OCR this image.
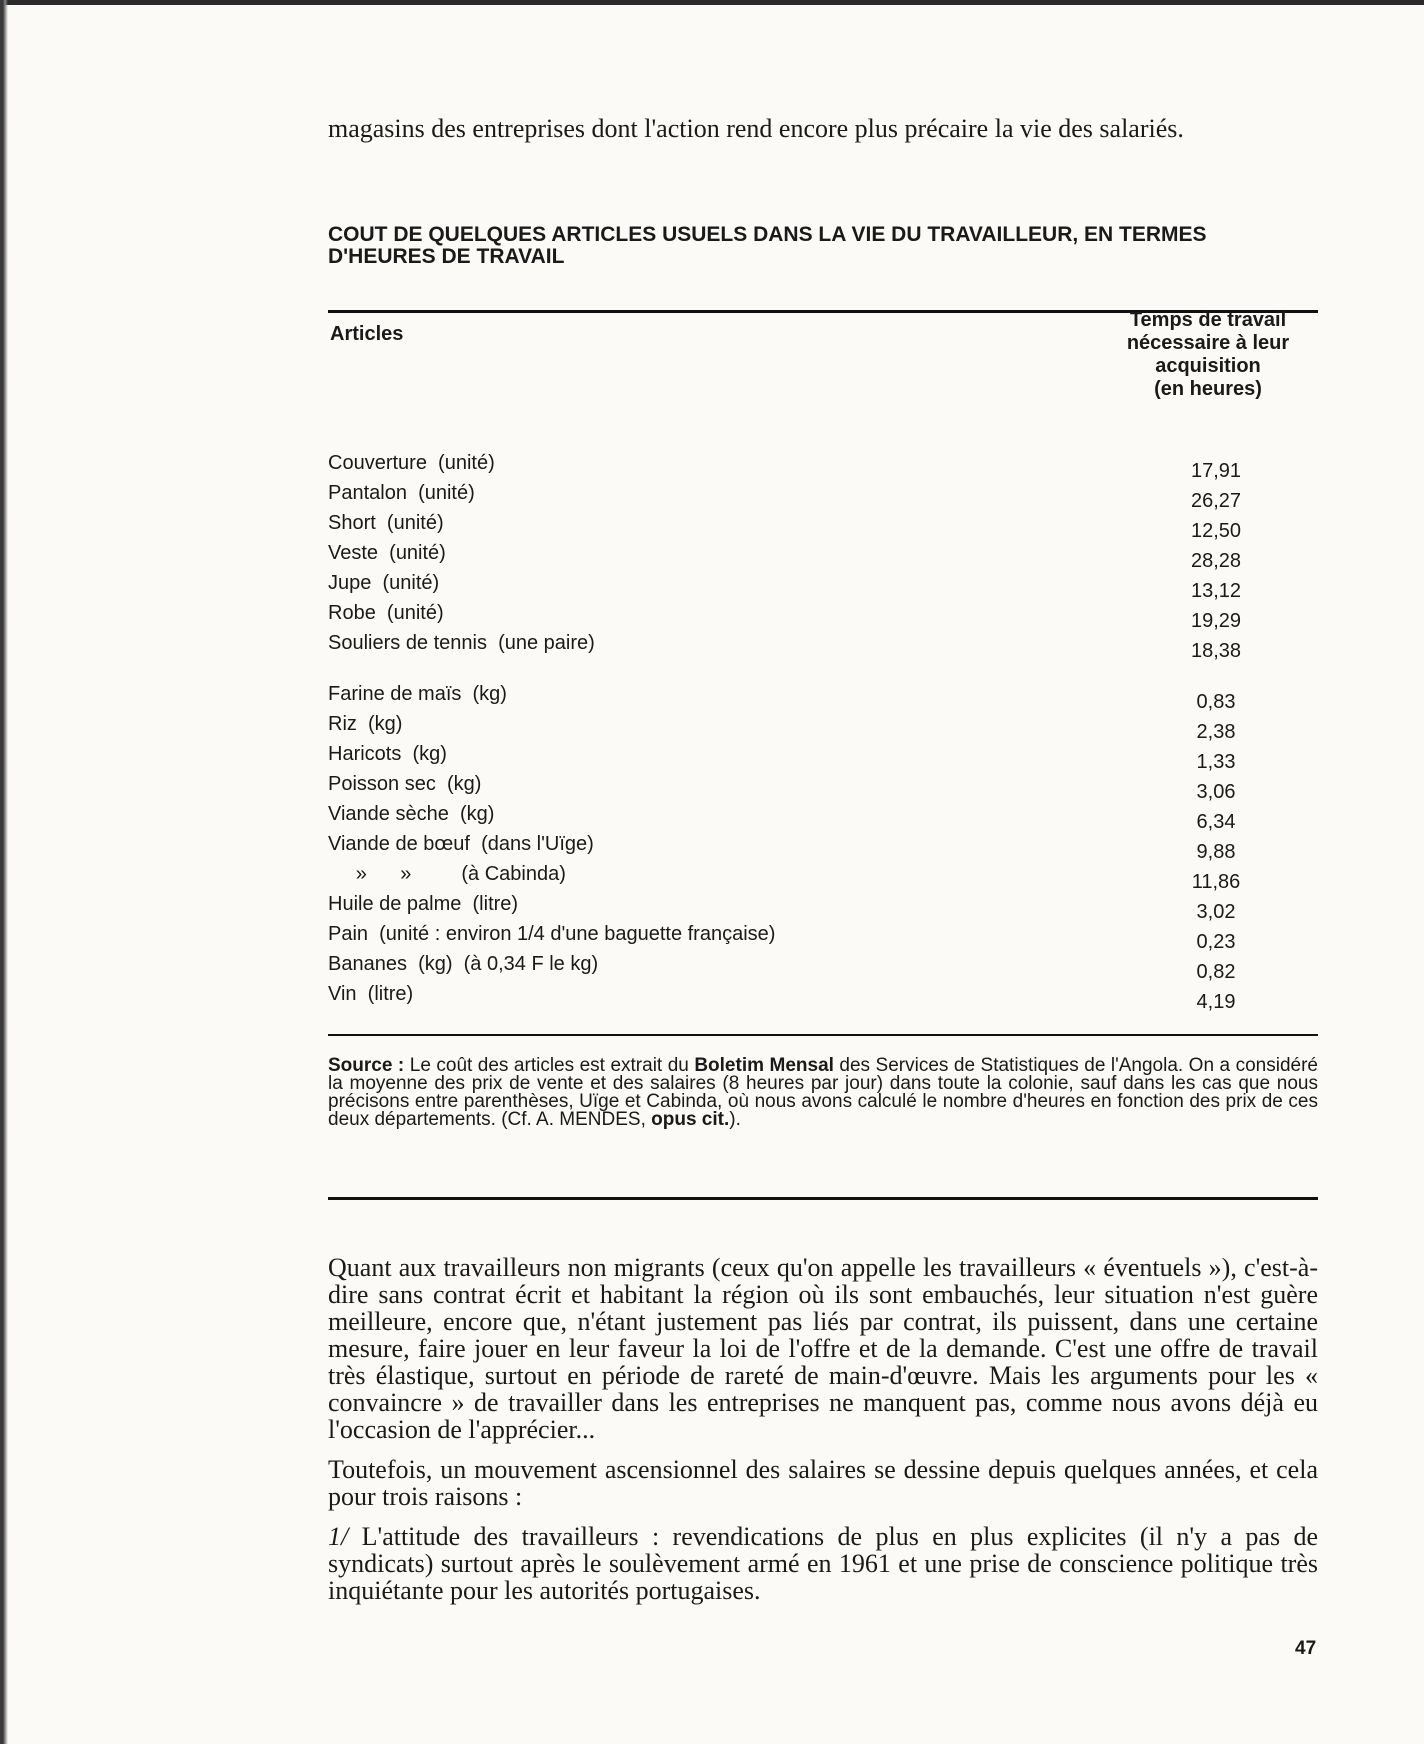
magasins des entreprises dont l'action rend encore plus précaire la vie des salariés.

COUT DE QUELQUES ARTICLES USUELS DANS LA VIE DU TRAVAILLEUR, EN TERMES D'HEURES DE TRAVAIL
Articles
Temps de travail
nécessaire à leur
acquisition
(en heures)
Couverture  (unité)	17,91
Pantalon  (unité)	26,27
Short  (unité)	12,50
Veste  (unité)	28,28
Jupe  (unité)	13,12
Robe  (unité)	19,29
Souliers de tennis  (une paire)	18,38
Farine de maïs  (kg)	0,83
Riz  (kg)	2,38
Haricots  (kg)	1,33
Poisson sec  (kg)	3,06
Viande sèche  (kg)	6,34
Viande de bœuf  (dans l'Uïge)	9,88
»      »         (à Cabinda)	11,86
Huile de palme  (litre)	3,02
Pain  (unité : environ 1/4 d'une baguette française)	0,23
Bananes  (kg)  (à 0,34 F le kg)	0,82
Vin  (litre)	4,19
Source : Le coût des articles est extrait du Boletim Mensal des Services de Statistiques de l'Angola. On a considéré la moyenne des prix de vente et des salaires (8 heures par jour) dans toute la colonie, sauf dans les cas que nous précisons entre parenthèses, Uïge et Cabinda, où nous avons calculé le nombre d'heures en fonction des prix de ces deux départements. (Cf. A. MENDES, opus cit.).

Quant aux travailleurs non migrants (ceux qu'on appelle les travailleurs « éventuels »), c'est-à-dire sans contrat écrit et habitant la région où ils sont embauchés, leur situation n'est guère meilleure, encore que, n'étant justement pas liés par contrat, ils puissent, dans une certaine mesure, faire jouer en leur faveur la loi de l'offre et de la demande. C'est une offre de travail très élastique, surtout en période de rareté de main-d'œuvre. Mais les arguments pour les « convaincre » de travailler dans les entreprises ne manquent pas, comme nous avons déjà eu l'occasion de l'apprécier...

Toutefois, un mouvement ascensionnel des salaires se dessine depuis quelques années, et cela pour trois raisons :

1/ L'attitude des travailleurs : revendications de plus en plus explicites (il n'y a pas de syndicats) surtout après le soulèvement armé en 1961 et une prise de conscience politique très inquiétante pour les autorités portugaises.

47
